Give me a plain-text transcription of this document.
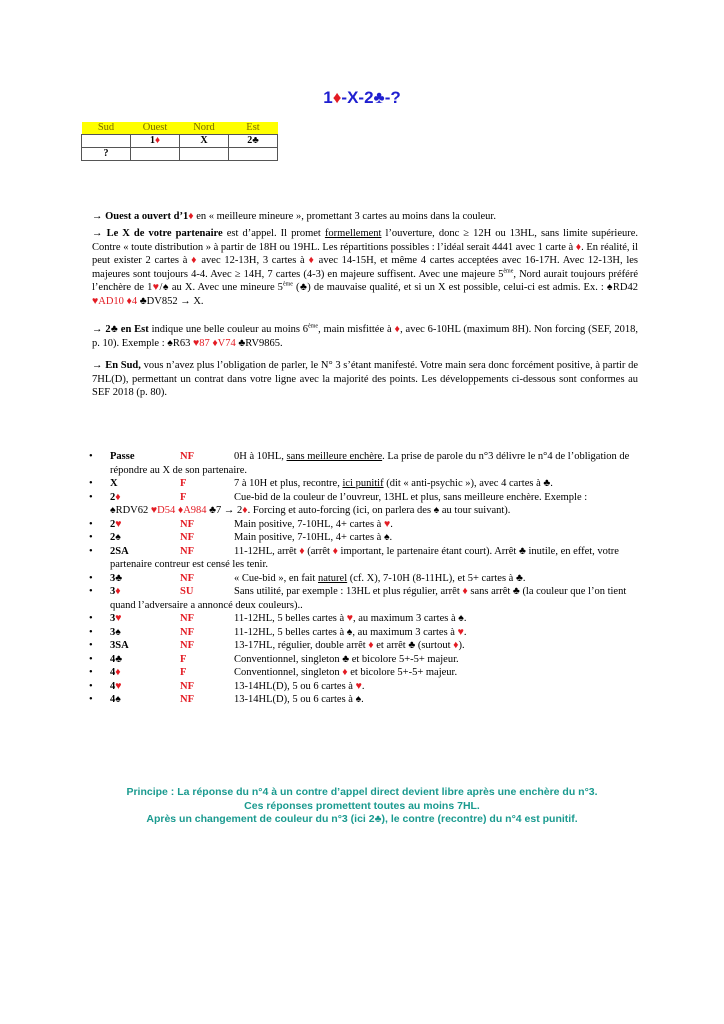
1♦-X-2♣-?
Sud	Ouest	Nord	Est
	1♦	X	2♣
?			
→ Ouest a ouvert d’1♦ en « meilleure mineure », promettant 3 cartes au moins dans la couleur.
→ Le X de votre partenaire est d’appel. Il promet formellement l’ouverture, donc ≥ 12H ou 13HL, sans limite supérieure. Contre « toute distribution » à partir de 18H ou 19HL. Les répartitions possibles : l’idéal serait 4441 avec 1 carte à ♦. En réalité, il peut exister 2 cartes à ♦ avec 12-13H, 3 cartes à ♦ avec 14-15H, et même 4 cartes acceptées avec 16-17H. Avec 12-13H, les majeures sont toujours 4-4. Avec ≥ 14H, 7 cartes (4-3) en majeure suffisent. Avec une majeure 5ème, Nord aurait toujours préféré l’enchère de 1♥/♠ au X. Avec une mineure 5ème (♣) de mauvaise qualité, et si un X est possible, celui-ci est admis. Ex. : ♠RD42 ♥AD10 ♦4 ♣DV852 → X.
→ 2♣ en Est indique une belle couleur au moins 6ème, main misfittée à ♦, avec 6-10HL (maximum 8H). Non forcing (SEF, 2018, p. 10). Exemple : ♠R63 ♥87 ♦V74 ♣RV9865.
→ En Sud, vous n’avez plus l’obligation de parler, le N° 3 s’étant manifesté. Votre main sera donc forcément positive, à partir de 7HL(D), permettant un contrat dans votre ligne avec la majorité des points. Les développements ci-dessous sont conformes au SEF 2018 (p. 80).
• Passe	NF	0H à 10HL, sans meilleure enchère. La prise de parole du n°3 délivre le n°4 de l’obligation de répondre au X de son partenaire.
• X	F	7 à 10H et plus, recontre, ici punitif (dit « anti-psychic »), avec 4 cartes à ♣.
• 2♦	F	Cue-bid de la couleur de l’ouvreur, 13HL et plus, sans meilleure enchère. Exemple :
♠RDV62 ♥D54 ♦A984 ♣7 → 2♦. Forcing et auto-forcing (ici, on parlera des ♠ au tour suivant).
• 2♥	NF	Main positive, 7-10HL, 4+ cartes à ♥.
• 2♠	NF	Main positive, 7-10HL, 4+ cartes à ♠.
• 2SA	NF	11-12HL, arrêt ♦ (arrêt ♦ important, le partenaire étant court). Arrêt ♣ inutile, en effet, votre partenaire contreur est censé les tenir.
• 3♣	NF	« Cue-bid », en fait naturel (cf. X), 7-10H (8-11HL), et 5+ cartes à ♣.
• 3♦	SU	Sans utilité, par exemple : 13HL et plus régulier, arrêt ♦ sans arrêt ♣ (la couleur que l’on tient quand l’adversaire a annoncé deux couleurs)..
• 3♥	NF	11-12HL, 5 belles cartes à ♥, au maximum 3 cartes à ♠.
• 3♠	NF	11-12HL, 5 belles cartes à ♠, au maximum 3 cartes à ♥.
• 3SA	NF	13-17HL, régulier, double arrêt ♦ et arrêt ♣ (surtout ♦).
• 4♣	F	Conventionnel, singleton ♣ et bicolore 5+-5+ majeur.
• 4♦	F	Conventionnel, singleton ♦ et bicolore 5+-5+ majeur.
• 4♥	NF	13-14HL(D), 5 ou 6 cartes à ♥.
• 4♠	NF	13-14HL(D), 5 ou 6 cartes à ♠.
Principe : La réponse du n°4 à un contre d’appel direct devient libre après une enchère du n°3.
Ces réponses promettent toutes au moins 7HL.
Après un changement de couleur du n°3 (ici 2♣), le contre (recontre) du n°4 est punitif.
